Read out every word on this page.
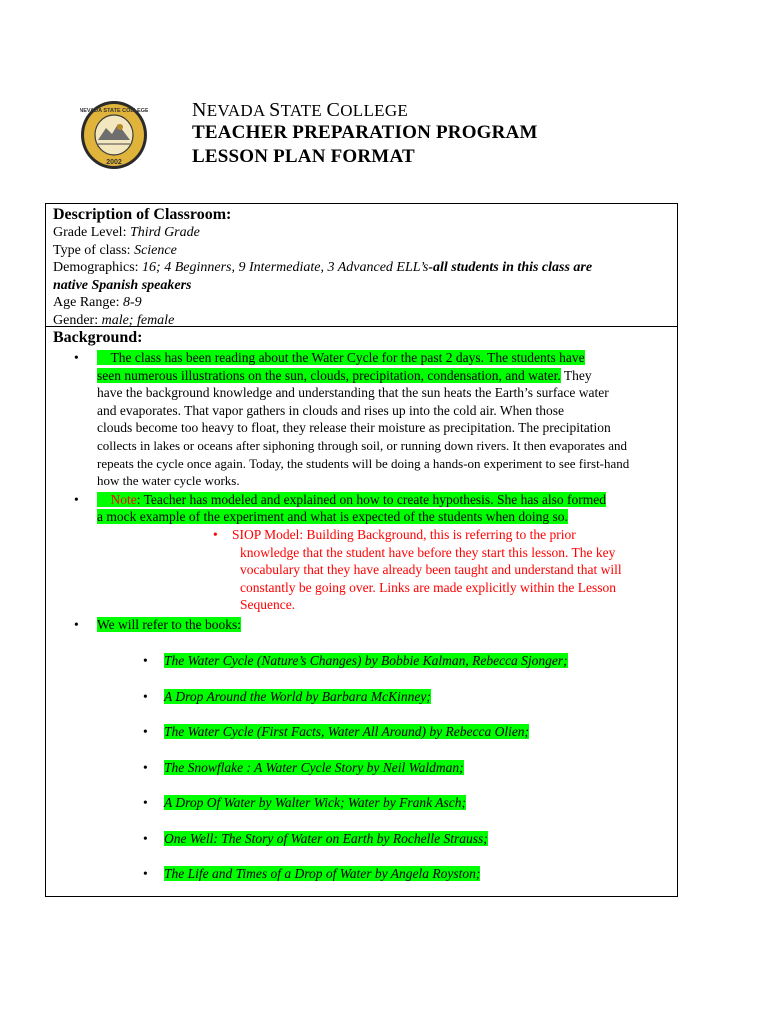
2002
NEVADA STATE COLLEGE NEVADA STATE COLLEGE
TEACHER PREPARATION PROGRAM
LESSON PLAN FORMAT
Description of Classroom:
Grade Level: Third Grade
Type of class: Science
Demographics: 16; 4 Beginners, 9 Intermediate, 3 Advanced ELL’s-all students in this class are
native Spanish speakers
Age Range: 8-9
Gender: male; female
Background:
•     The class has been reading about the Water Cycle for the past 2 days. The students have
seen numerous illustrations on the sun, clouds, precipitation, condensation, and water. They
have the background knowledge and understanding that the sun heats the Earth’s surface water
and evaporates. That vapor gathers in clouds and rises up into the cold air. When those
clouds become too heavy to float, they release their moisture as precipitation. The precipitation
collects in lakes or oceans after siphoning through soil, or running down rivers. It then evaporates and
repeats the cycle once again. Today, the students will be doing a hands-on experiment to see first-hand
how the water cycle works.
•     Note: Teacher has modeled and explained on how to create hypothesis. She has also formed
a mock example of the experiment and what is expected of the students when doing so.
• SIOP Model: Building Background, this is referring to the prior
knowledge that the student have before they start this lesson. The key
vocabulary that they have already been taught and understand that will
constantly be going over. Links are made explicitly within the Lesson
Sequence.
• We will refer to the books:
• The Water Cycle (Nature’s Changes) by Bobbie Kalman, Rebecca Sjonger;
• A Drop Around the World by Barbara McKinney;
• The Water Cycle (First Facts, Water All Around) by Rebecca Olien;
• The Snowflake : A Water Cycle Story by Neil Waldman;
• A Drop Of Water by Walter Wick; Water by Frank Asch;
• One Well: The Story of Water on Earth by Rochelle Strauss;
• The Life and Times of a Drop of Water by Angela Royston;
